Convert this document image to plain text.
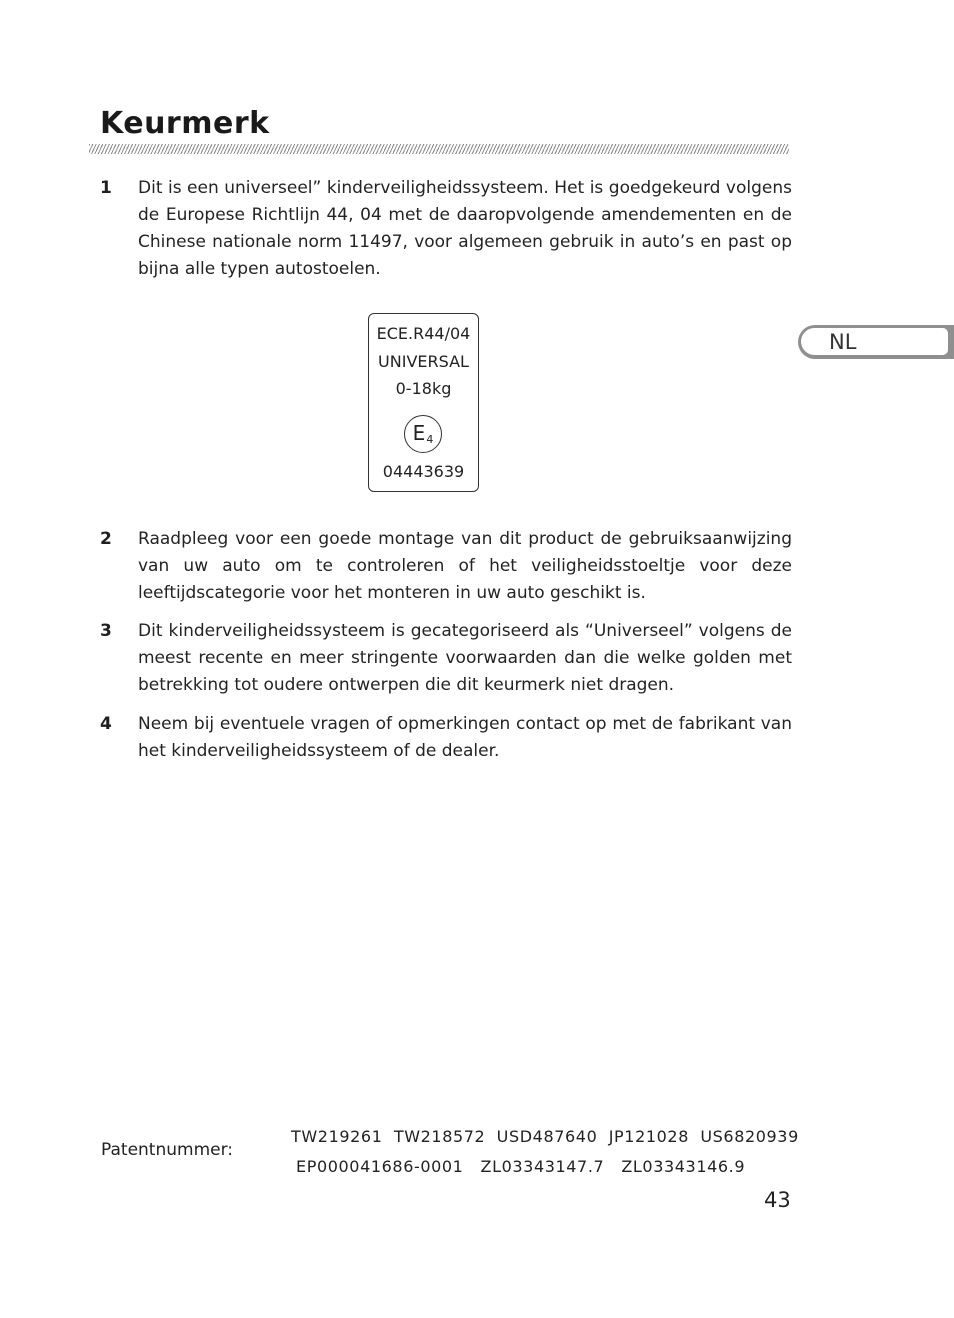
Keurmerk
1 Dit is een universeel” kinderveiligheidssysteem. Het is goedgekeurd volgens de Europese Richtlijn 44, 04 met de daaropvolgende amendementen en de Chinese nationale norm 11497, voor algemeen gebruik in auto’s en past op bijna alle typen autostoelen.
ECE.R44/04
UNIVERSAL
0-18kg
$E_4$
04443639
2 Raadpleeg voor een goede montage van dit product de gebruiksaanwijzing van uw auto om te controleren of het veiligheidsstoeltje voor deze leeftijdscategorie voor het monteren in uw auto geschikt is.
3 Dit kinderveiligheidssysteem is gecategoriseerd als “Universeel” volgens de meest recente en meer stringente voorwaarden dan die welke golden met betrekking tot oudere ontwerpen die dit keurmerk niet dragen.
4 Neem bij eventuele vragen of opmerkingen contact op met de fabrikant van het kinderveiligheidssysteem of de dealer.
NL
Patentnummer:
TW219261  TW218572  USD487640  JP121028  US6820939
EP000041686-0001   ZL03343147.7   ZL03343146.9
43
